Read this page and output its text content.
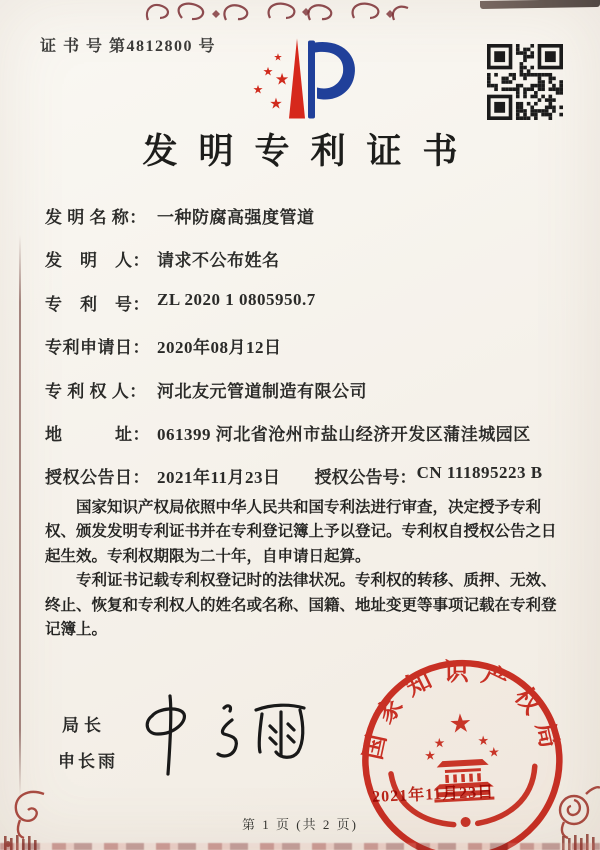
证 书 号 第4812800 号
★
★ ★
★
★
发明专利证书
发 明 名 称： 一种防腐高强度管道
发　明　人： 请求不公布姓名
专　利　号： ZL 2020 1 0805950.7
专利申请日： 2020年08月12日
专 利 权 人： 河北友元管道制造有限公司
地　　　址： 061399 河北省沧州市盐山经济开发区蒲洼城园区
授权公告日： 2021年11月23日 授权公告号： CN 111895223 B

国家知识产权局依照中华人民共和国专利法进行审查，决定授予专利权、颁发发明专利证书并在专利登记簿上予以登记。专利权自授权公告之日起生效。专利权期限为二十年，自申请日起算。

专利证书记载专利权登记时的法律状况。专利权的转移、质押、无效、终止、恢复和专利权人的姓名或名称、国籍、地址变更等事项记载在专利登记簿上。

局长
申长雨	国家知识产权局
★
★ ★
★	★
2021年11月23日
第 1 页 (共 2 页)
